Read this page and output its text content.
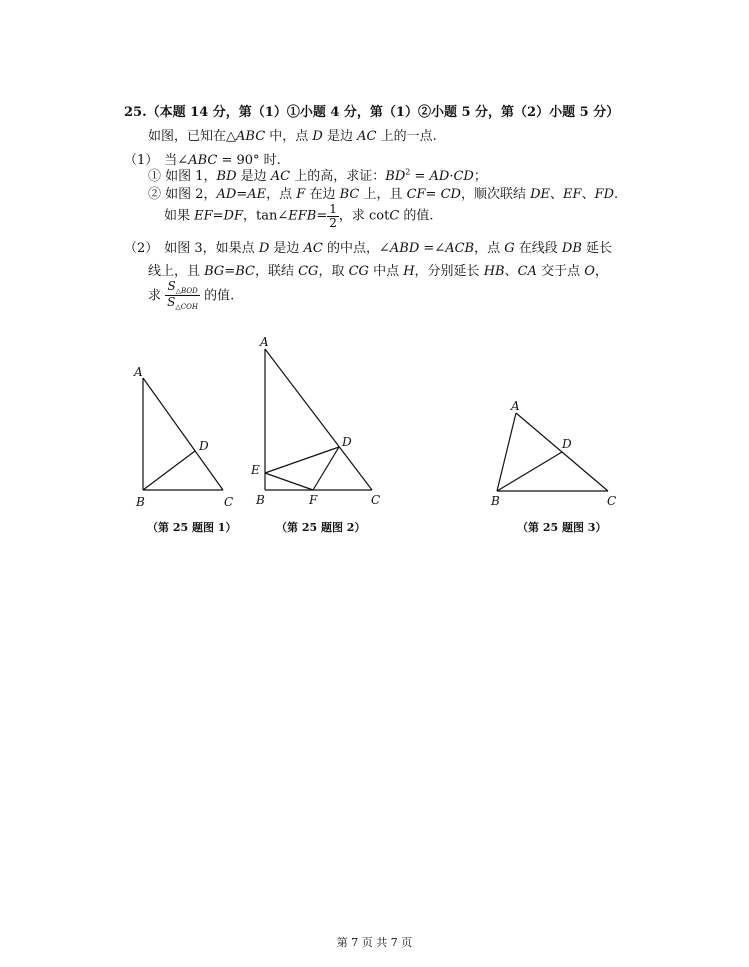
25.（本题 14 分，第（1）①小题 4 分，第（1）②小题 5 分，第（2）小题 5 分）
如图，已知在△ABC 中，点 D 是边 AC 上的一点.
（1） 当∠ABC = 90° 时.
① 如图 1，BD 是边 AC 上的高，求证：$BD^2 = AD\cdot CD$；
② 如图 2，AD=AE，点 F 在边 BC 上，且 CF= CD，顺次联结 DE、EF、FD.
如果 EF=DF，tan∠EFB= $\frac{1}{2}$ ，求 cotC 的值.
（2） 如图 3，如果点 D 是边 AC 的中点，∠ABD =∠ACB，点 G 在线段 DB 延长
线上，且 BG=BC，联结 CG，取 CG 中点 H，分别延长 HB、CA 交于点 O，
求 $\frac{S_{\triangle BOD}}{S_{\triangle COH}}$ 的值.
A
B	C
D
（第 25 题图 1）
A
B	C
D
E
F
（第 25 题图 2）
A
B	C
D
（第 25 题图 3）
第 7 页 共 7 页
